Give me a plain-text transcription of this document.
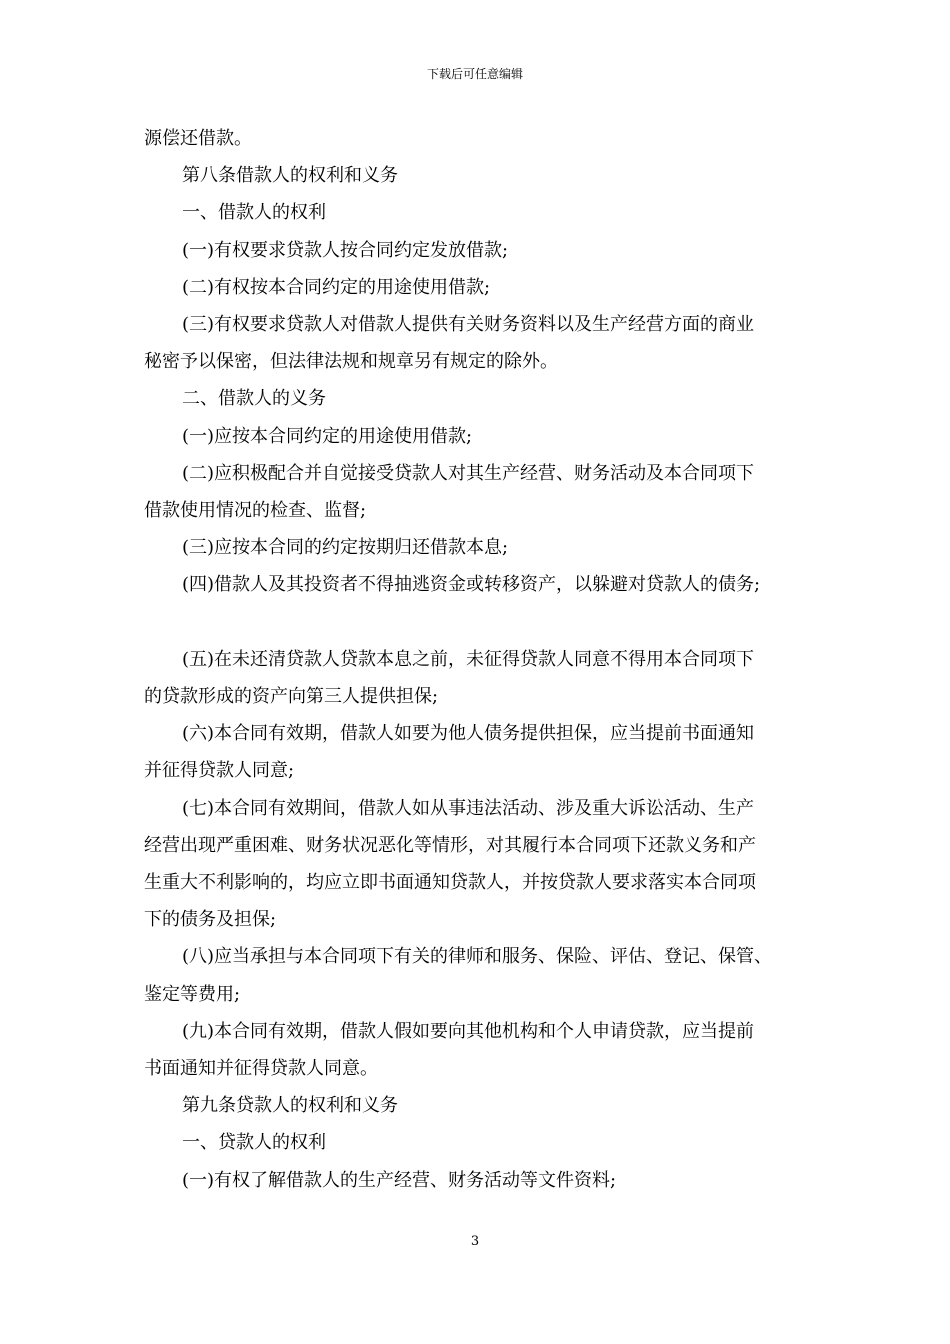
下载后可任意编辑

源偿还借款。

第八条借款人的权利和义务

一、借款人的权利

(一)有权要求贷款人按合同约定发放借款;

(二)有权按本合同约定的用途使用借款;

(三)有权要求贷款人对借款人提供有关财务资料以及生产经营方面的商业

秘密予以保密，但法律法规和规章另有规定的除外。

二、借款人的义务

(一)应按本合同约定的用途使用借款;

(二)应积极配合并自觉接受贷款人对其生产经营、财务活动及本合同项下

借款使用情况的检查、监督;

(三)应按本合同的约定按期归还借款本息;

(四)借款人及其投资者不得抽逃资金或转移资产，以躲避对贷款人的债务;

(五)在未还清贷款人贷款本息之前，未征得贷款人同意不得用本合同项下

的贷款形成的资产向第三人提供担保;

(六)本合同有效期，借款人如要为他人债务提供担保，应当提前书面通知

并征得贷款人同意;

(七)本合同有效期间，借款人如从事违法活动、涉及重大诉讼活动、生产

经营出现严重困难、财务状况恶化等情形，对其履行本合同项下还款义务和产

生重大不利影响的，均应立即书面通知贷款人，并按贷款人要求落实本合同项

下的债务及担保;

(八)应当承担与本合同项下有关的律师和服务、保险、评估、登记、保管、

鉴定等费用;

(九)本合同有效期，借款人假如要向其他机构和个人申请贷款，应当提前

书面通知并征得贷款人同意。

第九条贷款人的权利和义务

一、贷款人的权利

(一)有权了解借款人的生产经营、财务活动等文件资料;

3
